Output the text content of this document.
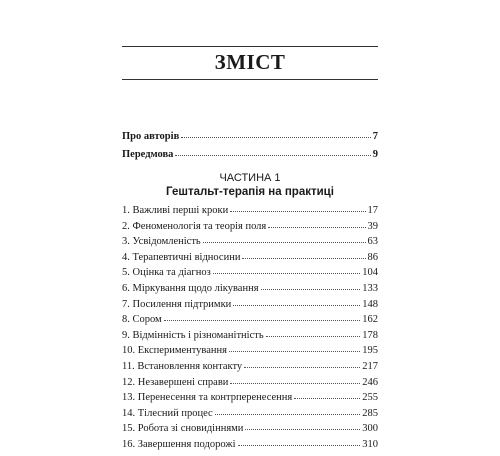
ЗМІСТ
Про авторів	7
Передмова	9
ЧАСТИНА 1
Гештальт-терапія на практиці
1. Важливі перші кроки	17
2. Феноменологія та теорія поля	39
3. Усвідомленість	63
4. Терапевтичні відносини	86
5. Оцінка та діагноз	104
6. Міркування щодо лікування	133
7. Посилення підтримки	148
8. Сором	162
9. Відмінність і різноманітність	178
10. Експериментування	195
11. Встановлення контакту	217
12. Незавершені справи	246
13. Перенесення та контрперенесення	255
14. Тілесний процес	285
15. Робота зі сновидіннями	300
16. Завершення подорожі	310
